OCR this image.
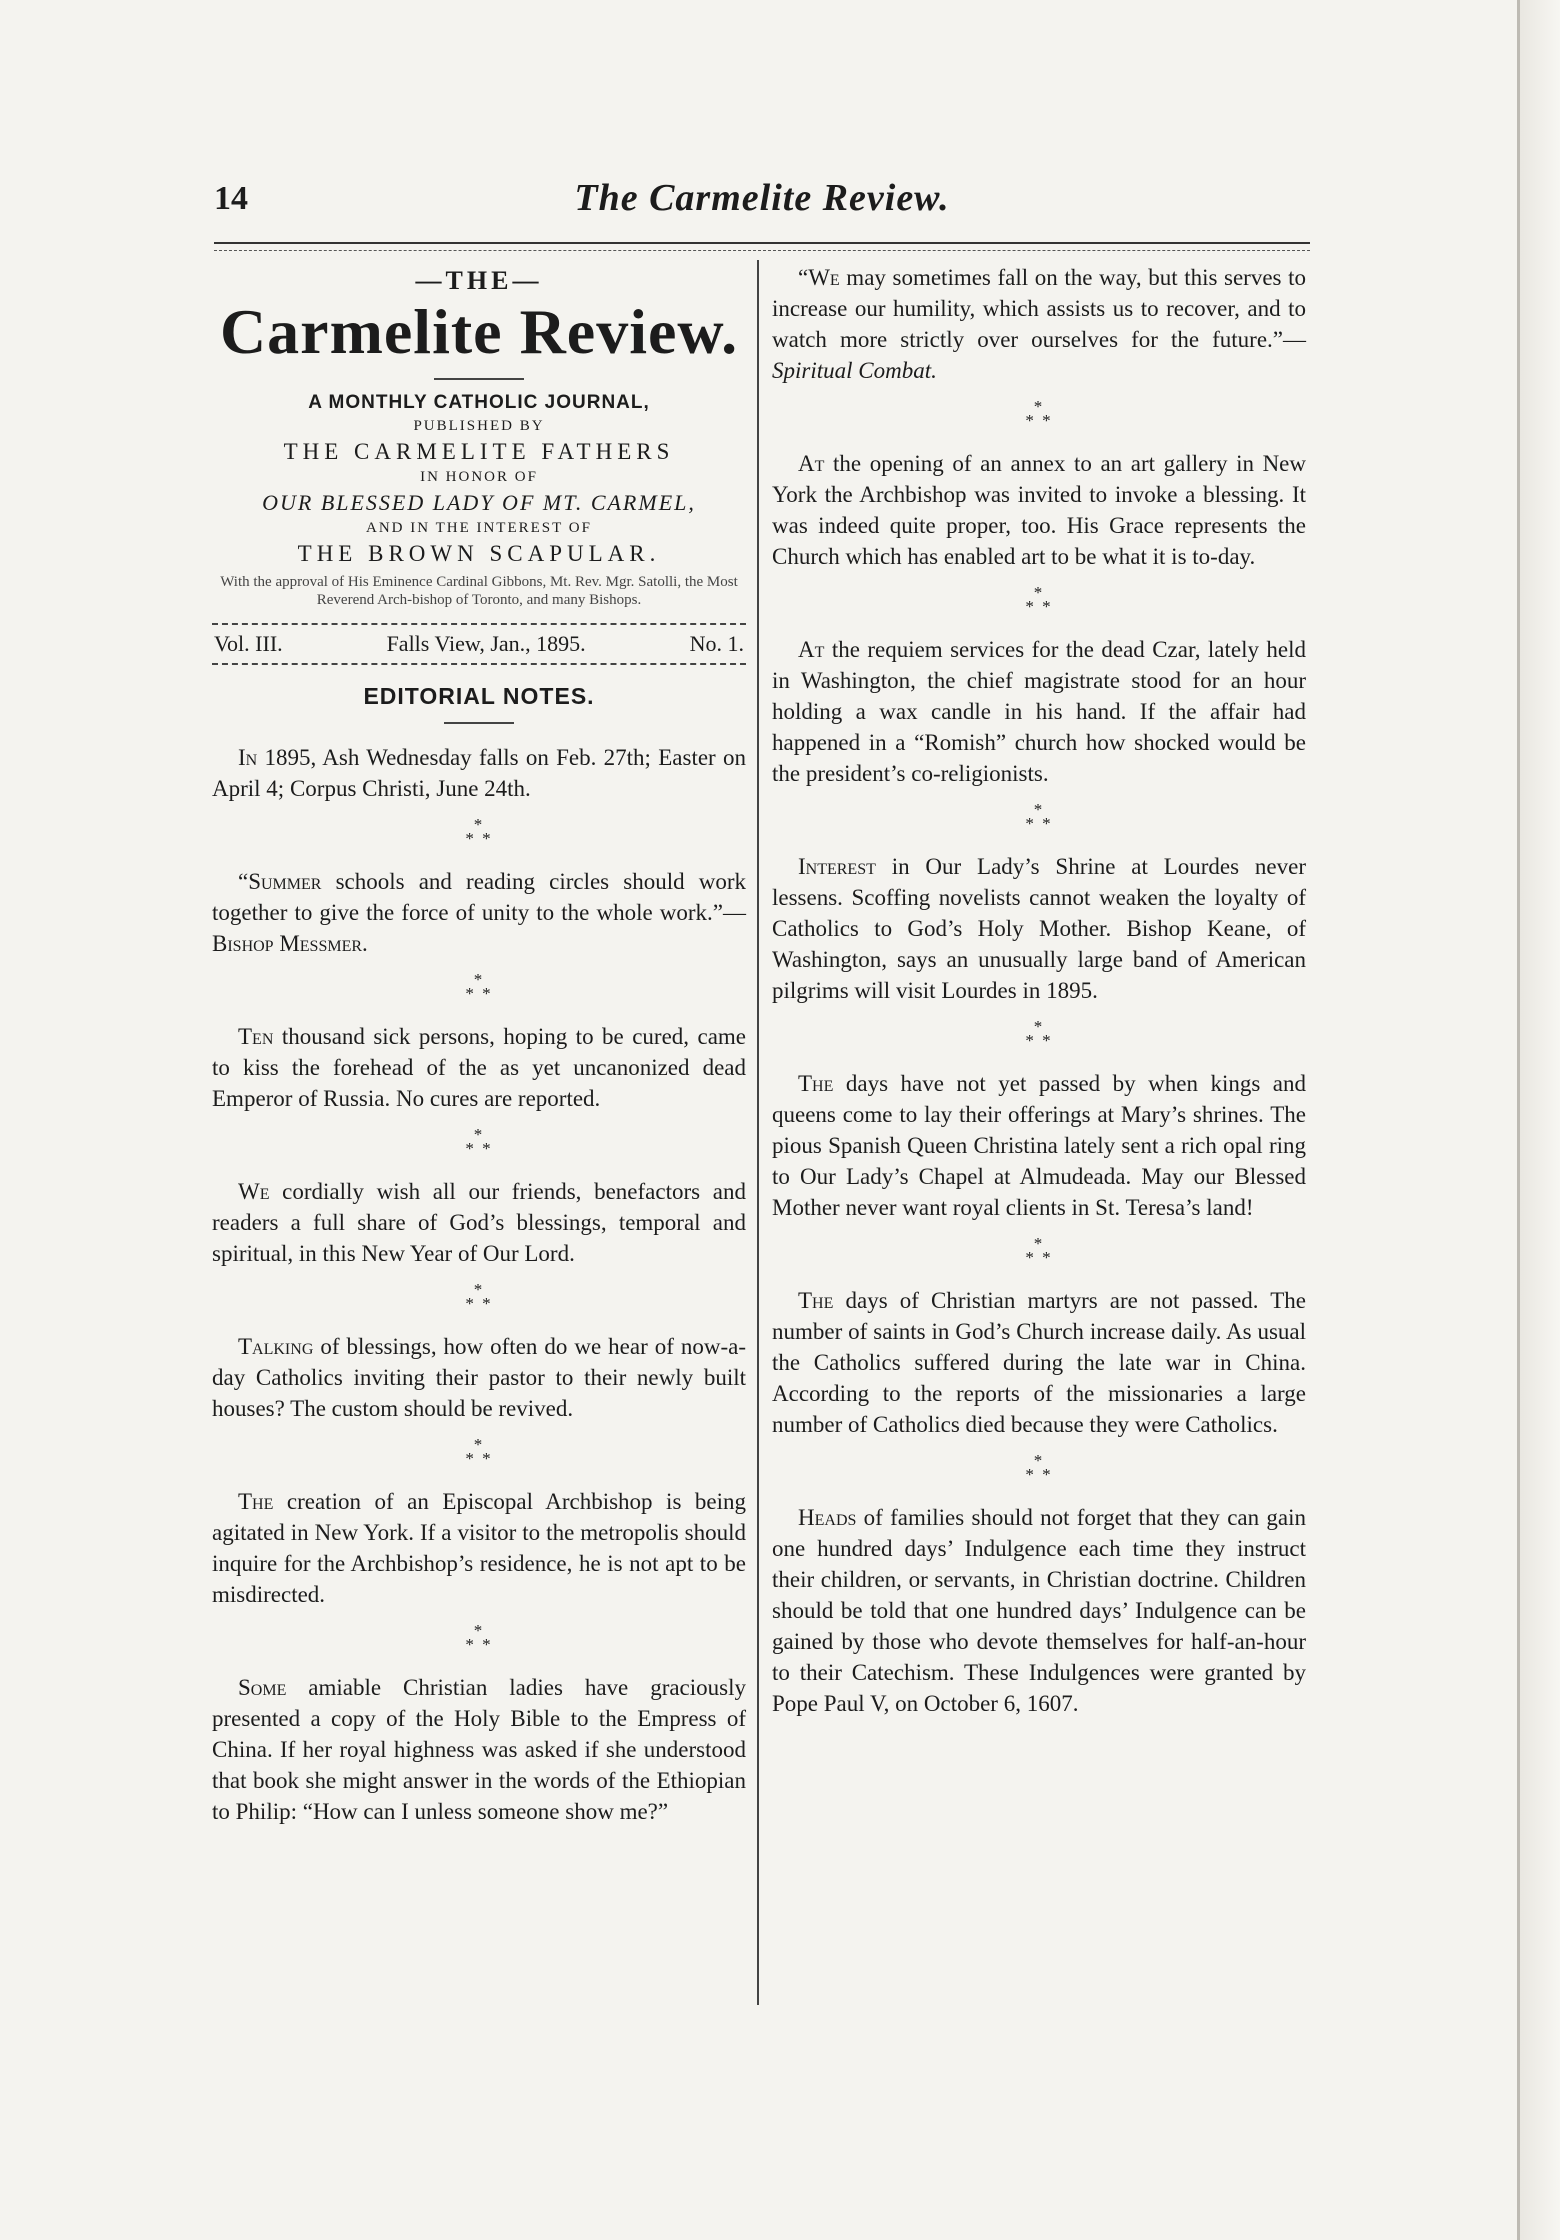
14	The Carmelite Review.
—THE—
Carmelite Review.
A MONTHLY CATHOLIC JOURNAL,
PUBLISHED BY
THE CARMELITE FATHERS
IN HONOR OF
OUR BLESSED LADY OF MT. CARMEL,
AND IN THE INTEREST OF
THE BROWN SCAPULAR.
With the approval of His Eminence Cardinal Gibbons, Mt. Rev. Mgr. Satolli, the Most Reverend Arch-bishop of Toronto, and many Bishops.
Vol. III.	Falls View, Jan., 1895.	No. 1.
EDITORIAL NOTES.

In 1895, Ash Wednesday falls on Feb. 27th; Easter on April 4; Corpus Christi, June 24th.

*
* *

“Summer schools and reading circles should work together to give the force of unity to the whole work.”—Bishop Messmer.

*
* *

Ten thousand sick persons, hoping to be cured, came to kiss the forehead of the as yet uncanonized dead Emperor of Russia. No cures are reported.

*
* *

We cordially wish all our friends, benefactors and readers a full share of God’s blessings, temporal and spiritual, in this New Year of Our Lord.

*
* *

Talking of blessings, how often do we hear of now-a-day Catholics inviting their pastor to their newly built houses? The custom should be revived.

*
* *

The creation of an Episcopal Archbishop is being agitated in New York. If a visitor to the metropolis should inquire for the Archbishop’s residence, he is not apt to be misdirected.

*
* *

Some amiable Christian ladies have graciously presented a copy of the Holy Bible to the Empress of China. If her royal highness was asked if she understood that book she might answer in the words of the Ethiopian to Philip: “How can I unless someone show me?”

“We may sometimes fall on the way, but this serves to increase our humility, which assists us to recover, and to watch more strictly over ourselves for the future.”—Spiritual Combat.

*
* *

At the opening of an annex to an art gallery in New York the Archbishop was invited to invoke a blessing. It was indeed quite proper, too. His Grace represents the Church which has enabled art to be what it is to-day.

*
* *

At the requiem services for the dead Czar, lately held in Washington, the chief magistrate stood for an hour holding a wax candle in his hand. If the affair had happened in a “Romish” church how shocked would be the president’s co-religionists.

*
* *

Interest in Our Lady’s Shrine at Lourdes never lessens. Scoffing novelists cannot weaken the loyalty of Catholics to God’s Holy Mother. Bishop Keane, of Washington, says an unusually large band of American pilgrims will visit Lourdes in 1895.

*
* *

The days have not yet passed by when kings and queens come to lay their offerings at Mary’s shrines. The pious Spanish Queen Christina lately sent a rich opal ring to Our Lady’s Chapel at Almudeada. May our Blessed Mother never want royal clients in St. Teresa’s land!

*
* *

The days of Christian martyrs are not passed. The number of saints in God’s Church increase daily. As usual the Catholics suffered during the late war in China. According to the reports of the missionaries a large number of Catholics died because they were Catholics.

*
* *

Heads of families should not forget that they can gain one hundred days’ Indulgence each time they instruct their children, or servants, in Christian doctrine. Children should be told that one hundred days’ Indulgence can be gained by those who devote themselves for half-an-hour to their Catechism. These Indulgences were granted by Pope Paul V, on October 6, 1607.
